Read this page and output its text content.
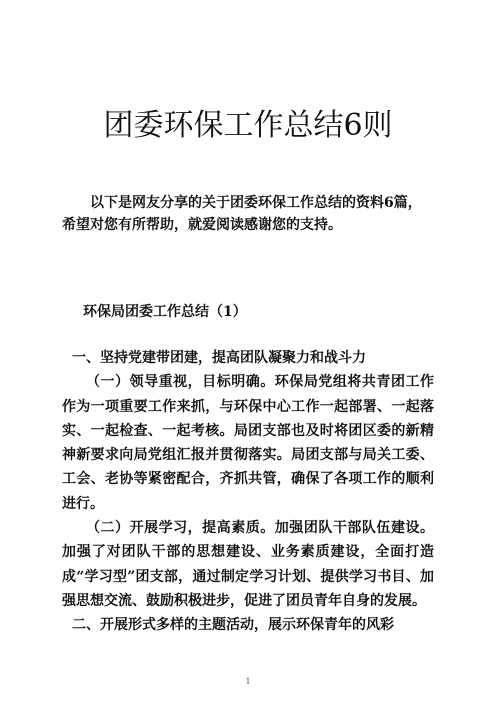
团委环保工作总结6则

以下是网友分享的关于团委环保工作总结的资料6篇，希望对您有所帮助，就爱阅读感谢您的支持。

环保局团委工作总结（1）

一、坚持党建带团建，提高团队凝聚力和战斗力

（一）领导重视，目标明确。环保局党组将共青团工作作为一项重要工作来抓，与环保中心工作一起部署、一起落实、一起检查、一起考核。局团支部也及时将团区委的新精神新要求向局党组汇报并贯彻落实。局团支部与局关工委、工会、老协等紧密配合，齐抓共管，确保了各项工作的顺利进行。

（二）开展学习，提高素质。加强团队干部队伍建设。加强了对团队干部的思想建设、业务素质建设，全面打造成“学习型”团支部，通过制定学习计划、提供学习书目、加强思想交流、鼓励积极进步，促进了团员青年自身的发展。

二、开展形式多样的主题活动，展示环保青年的风彩

1
